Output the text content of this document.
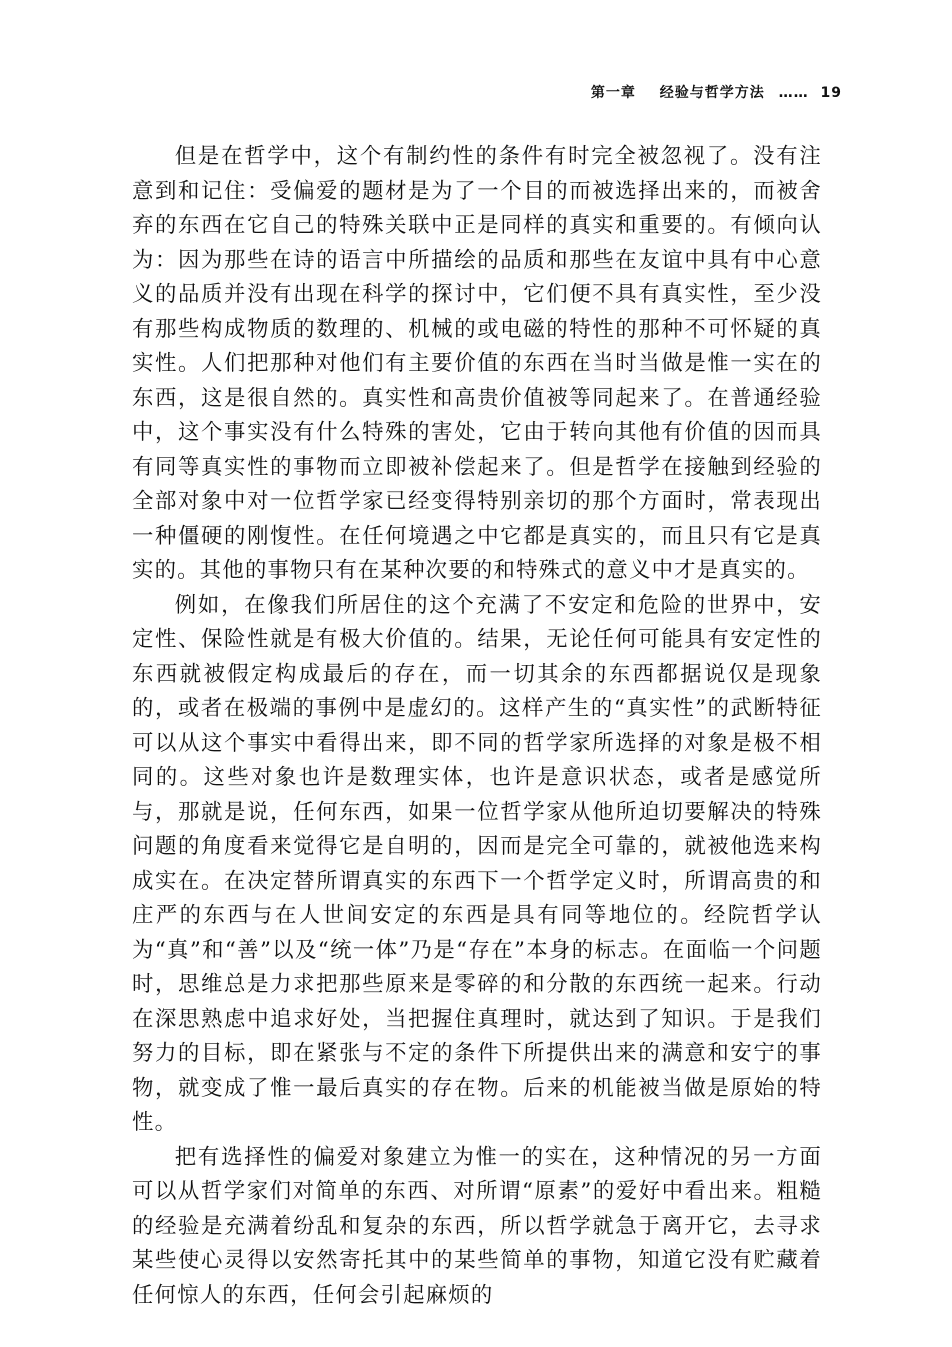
第一章 经验与哲学方法 …… 19

但是在哲学中，这个有制约性的条件有时完全被忽视了。没有注意到和记住：受偏爱的题材是为了一个目的而被选择出来的，而被舍弃的东西在它自己的特殊关联中正是同样的真实和重要的。有倾向认为：因为那些在诗的语言中所描绘的品质和那些在友谊中具有中心意义的品质并没有出现在科学的探讨中，它们便不具有真实性，至少没有那些构成物质的数理的、机械的或电磁的特性的那种不可怀疑的真实性。人们把那种对他们有主要价值的东西在当时当做是惟一实在的东西，这是很自然的。真实性和高贵价值被等同起来了。在普通经验中，这个事实没有什么特殊的害处，它由于转向其他有价值的因而具有同等真实性的事物而立即被补偿起来了。但是哲学在接触到经验的全部对象中对一位哲学家已经变得特别亲切的那个方面时，常表现出一种僵硬的刚愎性。在任何境遇之中它都是真实的，而且只有它是真实的。其他的事物只有在某种次要的和特殊式的意义中才是真实的。

例如，在像我们所居住的这个充满了不安定和危险的世界中，安定性、保险性就是有极大价值的。结果，无论任何可能具有安定性的东西就被假定构成最后的存在，而一切其余的东西都据说仅是现象的，或者在极端的事例中是虚幻的。这样产生的“真实性”的武断特征可以从这个事实中看得出来，即不同的哲学家所选择的对象是极不相同的。这些对象也许是数理实体，也许是意识状态，或者是感觉所与，那就是说，任何东西，如果一位哲学家从他所迫切要解决的特殊问题的角度看来觉得它是自明的，因而是完全可靠的，就被他选来构成实在。在决定替所谓真实的东西下一个哲学定义时，所谓高贵的和庄严的东西与在人世间安定的东西是具有同等地位的。经院哲学认为“真”和“善”以及“统一体”乃是“存在”本身的标志。在面临一个问题时，思维总是力求把那些原来是零碎的和分散的东西统一起来。行动在深思熟虑中追求好处，当把握住真理时，就达到了知识。于是我们努力的目标，即在紧张与不定的条件下所提供出来的满意和安宁的事物，就变成了惟一最后真实的存在物。后来的机能被当做是原始的特性。

把有选择性的偏爱对象建立为惟一的实在，这种情况的另一方面可以从哲学家们对简单的东西、对所谓“原素”的爱好中看出来。粗糙的经验是充满着纷乱和复杂的东西，所以哲学就急于离开它，去寻求某些使心灵得以安然寄托其中的某些简单的事物，知道它没有贮藏着任何惊人的东西，任何会引起麻烦的
